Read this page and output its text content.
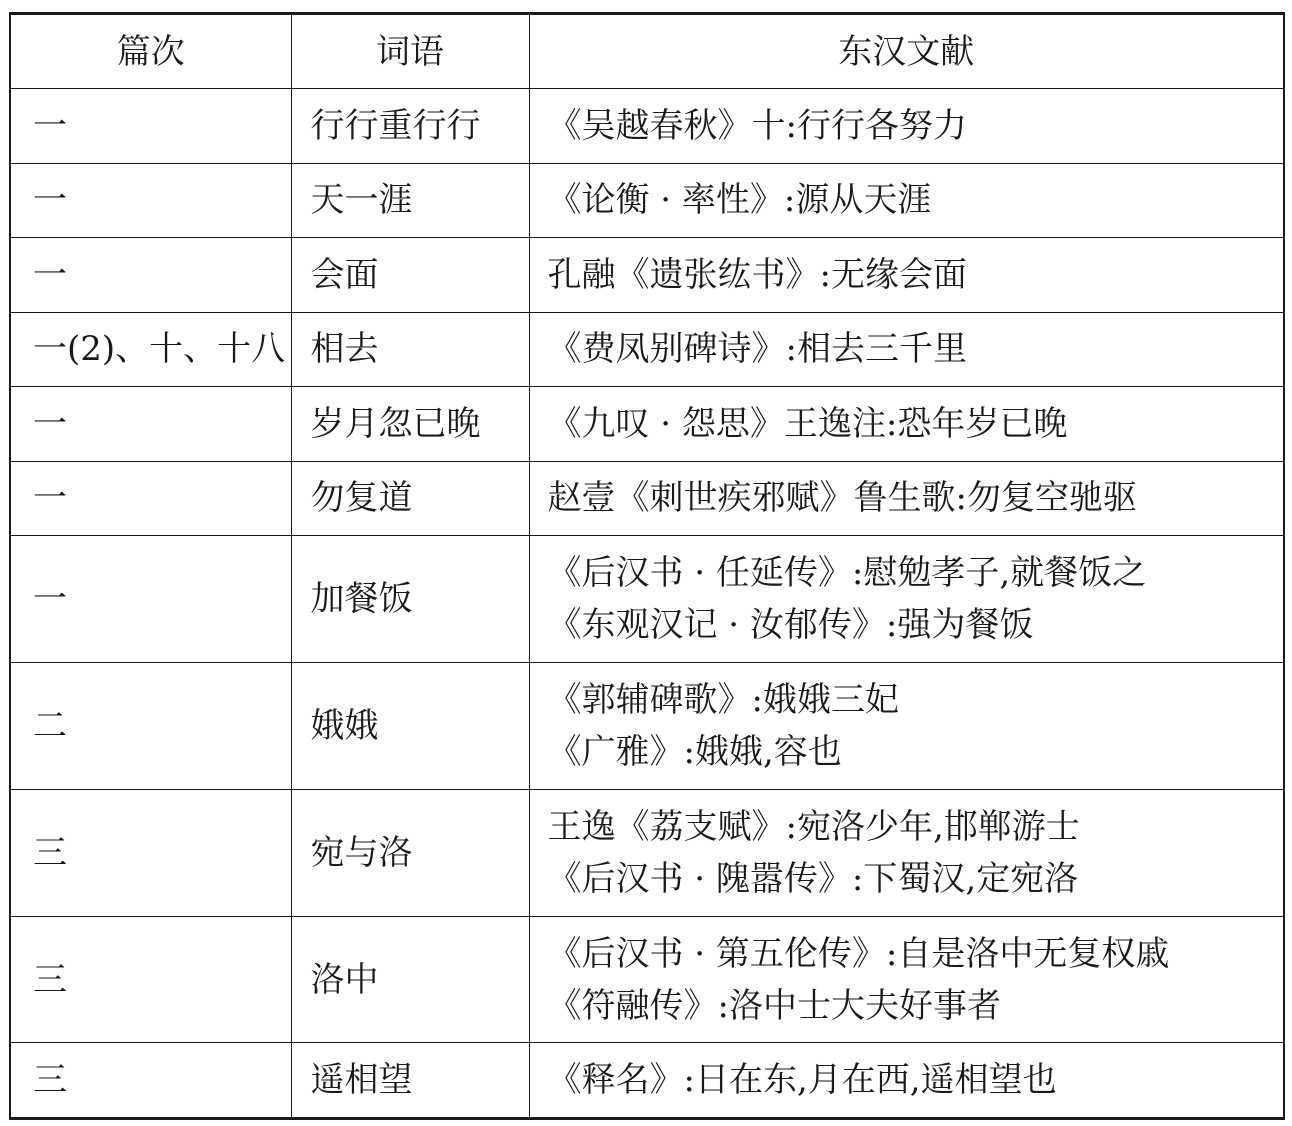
篇次	词语	东汉文献
一	行行重行行	《吴越春秋》十:行行各努力

一	天一涯	《论衡 · 率性》:源从天涯

一	会面	孔融《遗张纮书》:无缘会面

一(2)、十、十八	相去	《费凤别碑诗》:相去三千里

一	岁月忽已晚	《九叹 · 怨思》王逸注:恐年岁已晚

一	勿复道	赵壹《刺世疾邪赋》鲁生歌:勿复空驰驱

一	加餐饭	《后汉书 · 任延传》:慰勉孝子,就餐饭之
《东观汉记 · 汝郁传》:强为餐饭

二	娥娥	《郭辅碑歌》:娥娥三妃
《广雅》:娥娥,容也

三	宛与洛	王逸《荔支赋》:宛洛少年,邯郸游士
《后汉书 · 隗嚣传》:下蜀汉,定宛洛

三	洛中	《后汉书 · 第五伦传》:自是洛中无复权戚
《符融传》:洛中士大夫好事者

三	遥相望	《释名》:日在东,月在西,遥相望也
